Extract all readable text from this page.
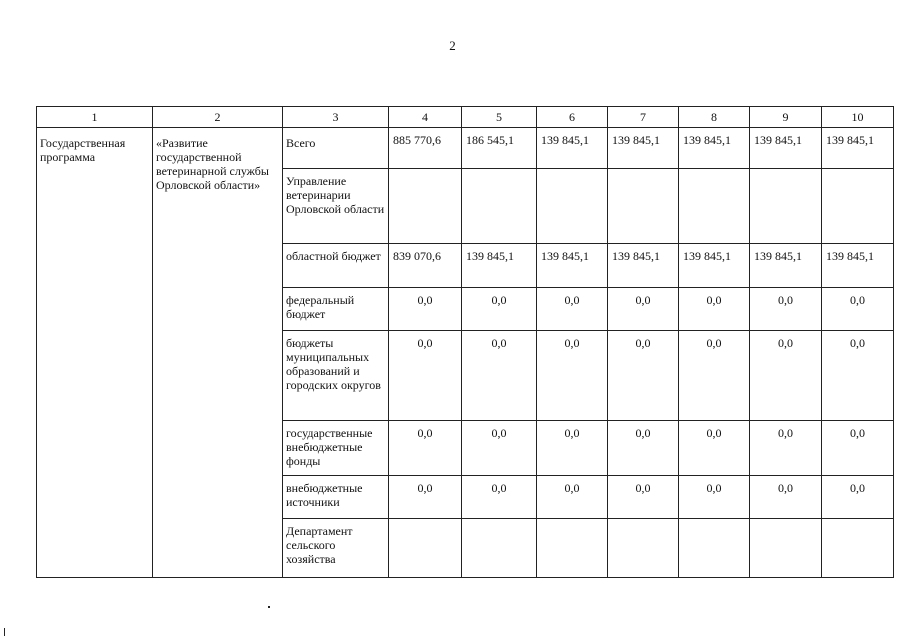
2
1	2	3	4	5	6	7	8	9	10
Государственная программа	«Развитие государственной ветеринарной службы Орловской области»	Всего	885 770,6	186 545,1	139 845,1	139 845,1	139 845,1	139 845,1	139 845,1
		Управление ветеринарии Орловской области							
		областной бюджет	839 070,6	139 845,1	139 845,1	139 845,1	139 845,1	139 845,1	139 845,1
		федеральный бюджет	0,0	0,0	0,0	0,0	0,0	0,0	0,0
		бюджеты муниципальных образований и городских округов	0,0	0,0	0,0	0,0	0,0	0,0	0,0
		государственные внебюджетные фонды	0,0	0,0	0,0	0,0	0,0	0,0	0,0
		внебюджетные источники	0,0	0,0	0,0	0,0	0,0	0,0	0,0
		Департамент сельского хозяйства							
